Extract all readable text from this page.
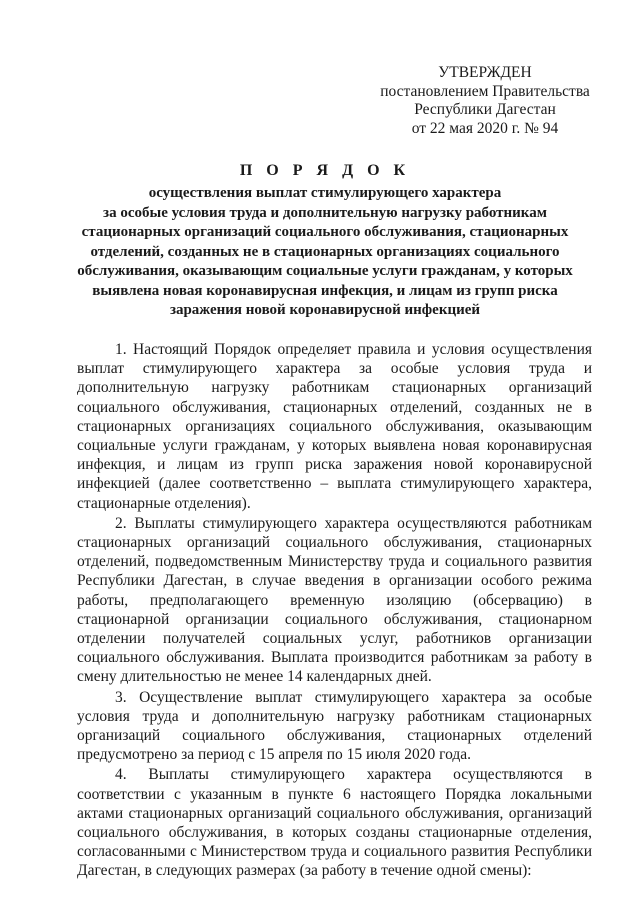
УТВЕРЖДЕН
постановлением Правительства
Республики Дагестан
от 22 мая 2020 г. № 94
П О Р Я Д О К
осуществления выплат стимулирующего характера
за особые условия труда и дополнительную нагрузку работникам
стационарных организаций социального обслуживания, стационарных
отделений, созданных не в стационарных организациях социального
обслуживания, оказывающим социальные услуги гражданам, у которых
выявлена новая коронавирусная инфекция, и лицам из групп риска
заражения новой коронавирусной инфекцией

1. Настоящий Порядок определяет правила и условия осуществления выплат стимулирующего характера за особые условия труда и дополнительную нагрузку работникам стационарных организаций социального обслуживания, стационарных отделений, созданных не в стационарных организациях социального обслуживания, оказывающим социальные услуги гражданам, у которых выявлена новая коронавирусная инфекция, и лицам из групп риска заражения новой коронавирусной инфекцией (далее соответственно – выплата стимулирующего характера, стационарные отделения).

2. Выплаты стимулирующего характера осуществляются работникам стационарных организаций социального обслуживания, стационарных отделений, подведомственным Министерству труда и социального развития Республики Дагестан, в случае введения в организации особого режима работы, предполагающего временную изоляцию (обсервацию) в стационарной организации социального обслуживания, стационарном отделении получателей социальных услуг, работников организации социального обслуживания. Выплата производится работникам за работу в смену длительностью не менее 14 календарных дней.

3. Осуществление выплат стимулирующего характера за особые условия труда и дополнительную нагрузку работникам стационарных организаций социального обслуживания, стационарных отделений предусмотрено за период с 15 апреля по 15 июля 2020 года.

4. Выплаты стимулирующего характера осуществляются в соответствии с указанным в пункте 6 настоящего Порядка локальными актами стационарных организаций социального обслуживания, организаций социального обслуживания, в которых созданы стационарные отделения, согласованными с Министерством труда и социального развития Республики Дагестан, в следующих размерах (за работу в течение одной смены):
